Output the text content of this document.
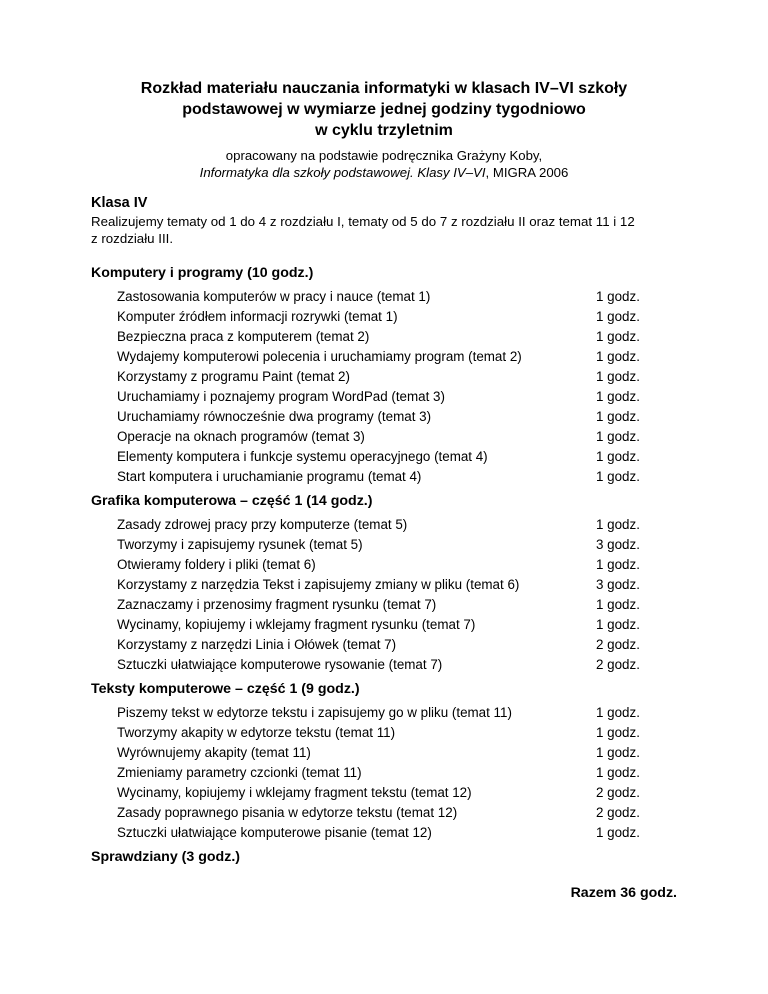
Rozkład materiału nauczania informatyki w klasach IV–VI szkoły
podstawowej w wymiarze jednej godziny tygodniowo
w cyklu trzyletnim
opracowany na podstawie podręcznika Grażyny Koby,
Informatyka dla szkoły podstawowej. Klasy IV–VI, MIGRA 2006
Klasa IV
Realizujemy tematy od 1 do 4 z rozdziału I, tematy od 5 do 7 z rozdziału II oraz temat 11 i 12
z rozdziału III.
Komputery i programy (10 godz.)
Zastosowania komputerów w pracy i nauce (temat 1)	1 godz.
Komputer źródłem informacji rozrywki (temat 1)	1 godz.
Bezpieczna praca z komputerem (temat 2)	1 godz.
Wydajemy komputerowi polecenia i uruchamiamy program (temat 2)	1 godz.
Korzystamy z programu Paint (temat 2)	1 godz.
Uruchamiamy i poznajemy program WordPad (temat 3)	1 godz.
Uruchamiamy równocześnie dwa programy (temat 3)	1 godz.
Operacje na oknach programów (temat 3)	1 godz.
Elementy komputera i funkcje systemu operacyjnego (temat 4)	1 godz.
Start komputera i uruchamianie programu (temat 4)	1 godz.
Grafika komputerowa – część 1 (14 godz.)
Zasady zdrowej pracy przy komputerze (temat 5)	1 godz.
Tworzymy i zapisujemy rysunek (temat 5)	3 godz.
Otwieramy foldery i pliki (temat 6)	1 godz.
Korzystamy z narzędzia Tekst i zapisujemy zmiany w pliku (temat 6)	3 godz.
Zaznaczamy i przenosimy fragment rysunku (temat 7)	1 godz.
Wycinamy, kopiujemy i wklejamy fragment rysunku (temat 7)	1 godz.
Korzystamy z narzędzi Linia i Ołówek (temat 7)	2 godz.
Sztuczki ułatwiające komputerowe rysowanie (temat 7)	2 godz.
Teksty komputerowe – część 1 (9 godz.)
Piszemy tekst w edytorze tekstu i zapisujemy go w pliku (temat 11)	1 godz.
Tworzymy akapity w edytorze tekstu (temat 11)	1 godz.
Wyrównujemy akapity (temat 11)	1 godz.
Zmieniamy parametry czcionki (temat 11)	1 godz.
Wycinamy, kopiujemy i wklejamy fragment tekstu (temat 12)	2 godz.
Zasady poprawnego pisania w edytorze tekstu (temat 12)	2 godz.
Sztuczki ułatwiające komputerowe pisanie (temat 12)	1 godz.
Sprawdziany (3 godz.)
Razem 36 godz.
